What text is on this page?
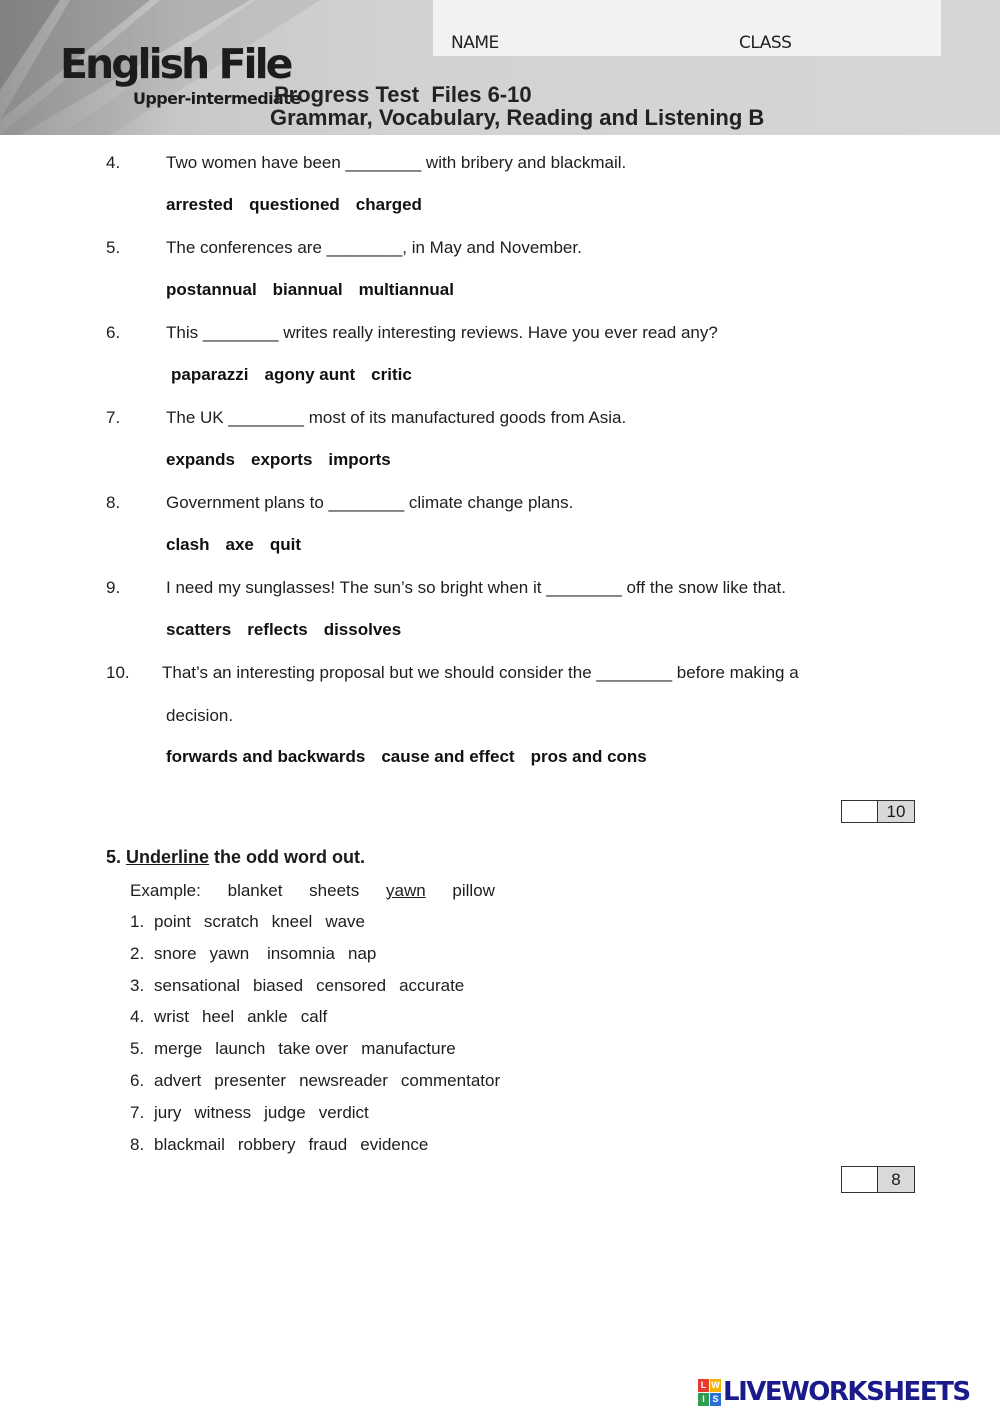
NAME	CLASS
English File
Upper-intermediate
Progress Test  Files 6-10
Grammar, Vocabulary, Reading and Listening B
4.	Two women have been ________ with bribery and blackmail.
arrested questioned charged
5.	The conferences are ________, in May and November.
postannual biannual multiannual
6.	This ________ writes really interesting reviews. Have you ever read any?
paparazzi agony aunt critic
7.	The UK ________ most of its manufactured goods from Asia.
expands exports imports
8.	Government plans to ________ climate change plans.
clash axe quit
9.	I need my sunglasses! The sun’s so bright when it ________ off the snow like that.
scatters reflects dissolves
10. That’s an interesting proposal but we should consider the ________ before making a
decision.
forwards and backwards cause and effect pros and cons
10
5. Underline the odd word out.
Example: blanket sheets yawn pillow
1. point scratch kneel wave
2. snore yawn insomnia nap
3. sensational biased censored accurate
4. wrist heel ankle calf
5. merge launch take over manufacture
6. advert presenter newsreader commentator
7. jury witness judge verdict
8. blackmail robbery fraud evidence
8
L W
I S LIVEWORKSHEETS
